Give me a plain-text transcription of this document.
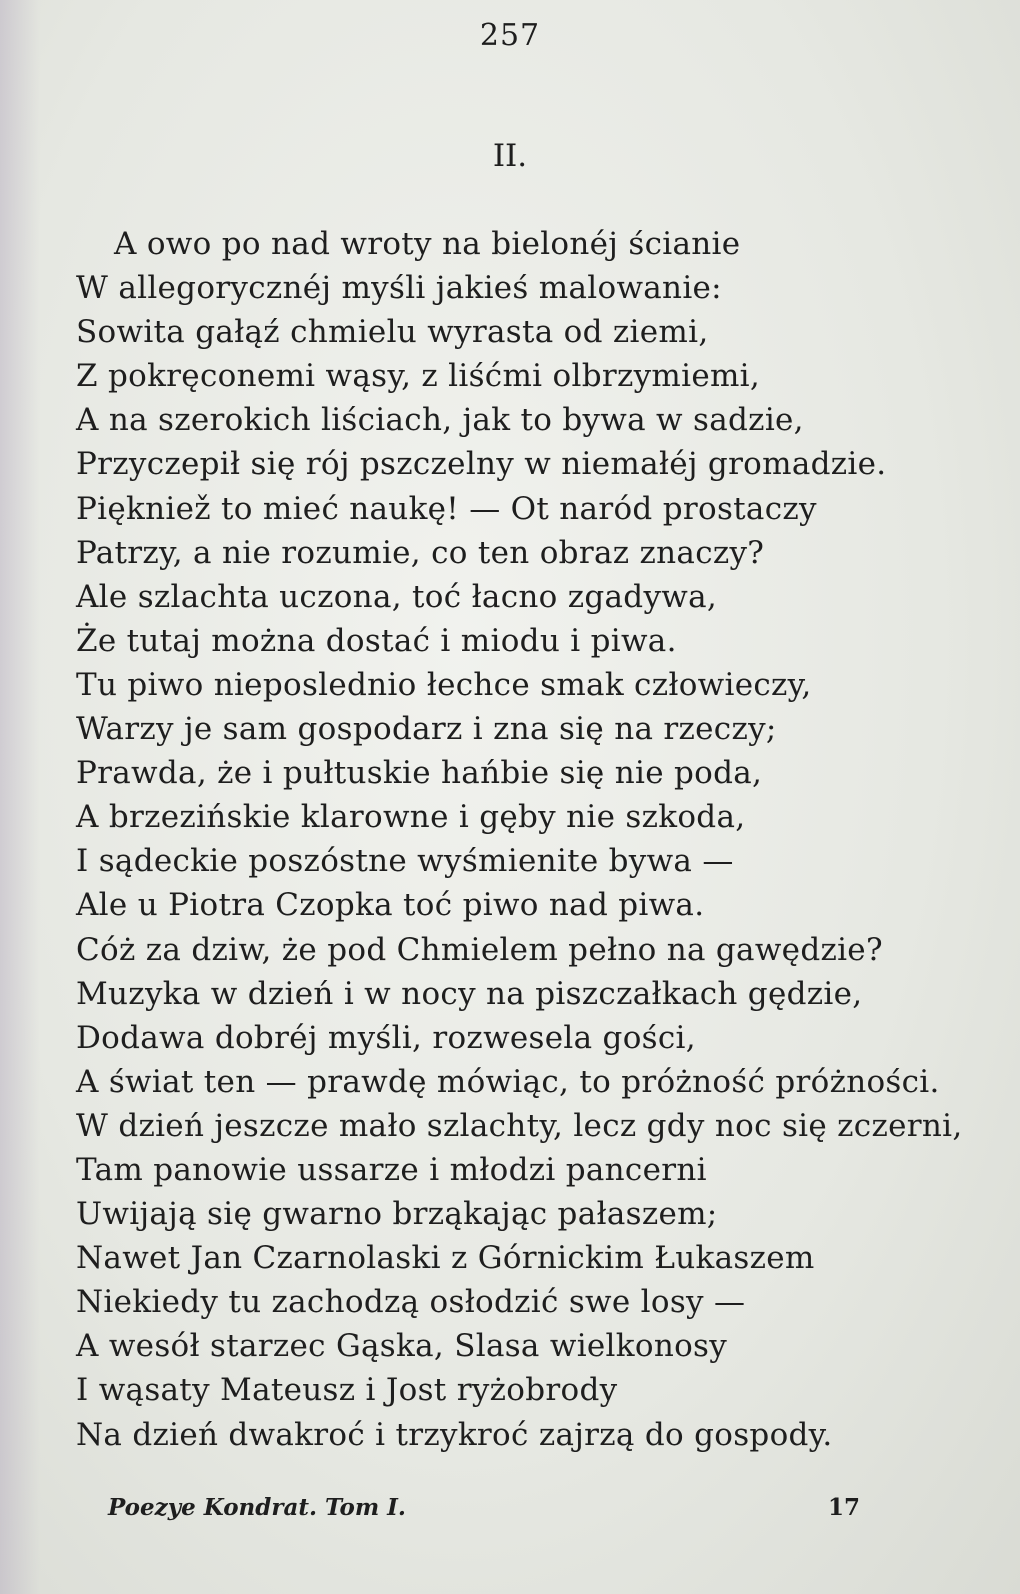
257
II.
A owo po nad wroty na bielonéj ścianie
W allegorycznéj myśli jakieś malowanie:
Sowita gałąź chmielu wyrasta od ziemi,
Z pokręconemi wąsy, z liśćmi olbrzymiemi,
A na szerokich liściach, jak to bywa w sadzie,
Przyczepił się rój pszczelny w niemałéj gromadzie.
Piękniež to mieć naukę! — Ot naród prostaczy
Patrzy, a nie rozumie, co ten obraz znaczy?
Ale szlachta uczona, toć łacno zgadywa,
Że tutaj można dostać i miodu i piwa.
Tu piwo nieposlednio łechce smak człowieczy,
Warzy je sam gospodarz i zna się na rzeczy;
Prawda, że i pułtuskie hańbie się nie poda,
A brzezińskie klarowne i gęby nie szkoda,
I sądeckie poszóstne wyśmienite bywa —
Ale u Piotra Czopka toć piwo nad piwa.
Cóż za dziw, że pod Chmielem pełno na gawędzie?
Muzyka w dzień i w nocy na piszczałkach gędzie,
Dodawa dobréj myśli, rozwesela gości,
A świat ten — prawdę mówiąc, to próżność próżności.
W dzień jeszcze mało szlachty, lecz gdy noc się zczerni,
Tam panowie ussarze i młodzi pancerni
Uwijają się gwarno brząkając pałaszem;
Nawet Jan Czarnolaski z Górnickim Łukaszem
Niekiedy tu zachodzą osłodzić swe losy —
A wesół starzec Gąska, Slasa wielkonosy
I wąsaty Mateusz i Jost ryżobrody
Na dzień dwakroć i trzykroć zajrzą do gospody.
Poezye Kondrat. Tom I.	17
